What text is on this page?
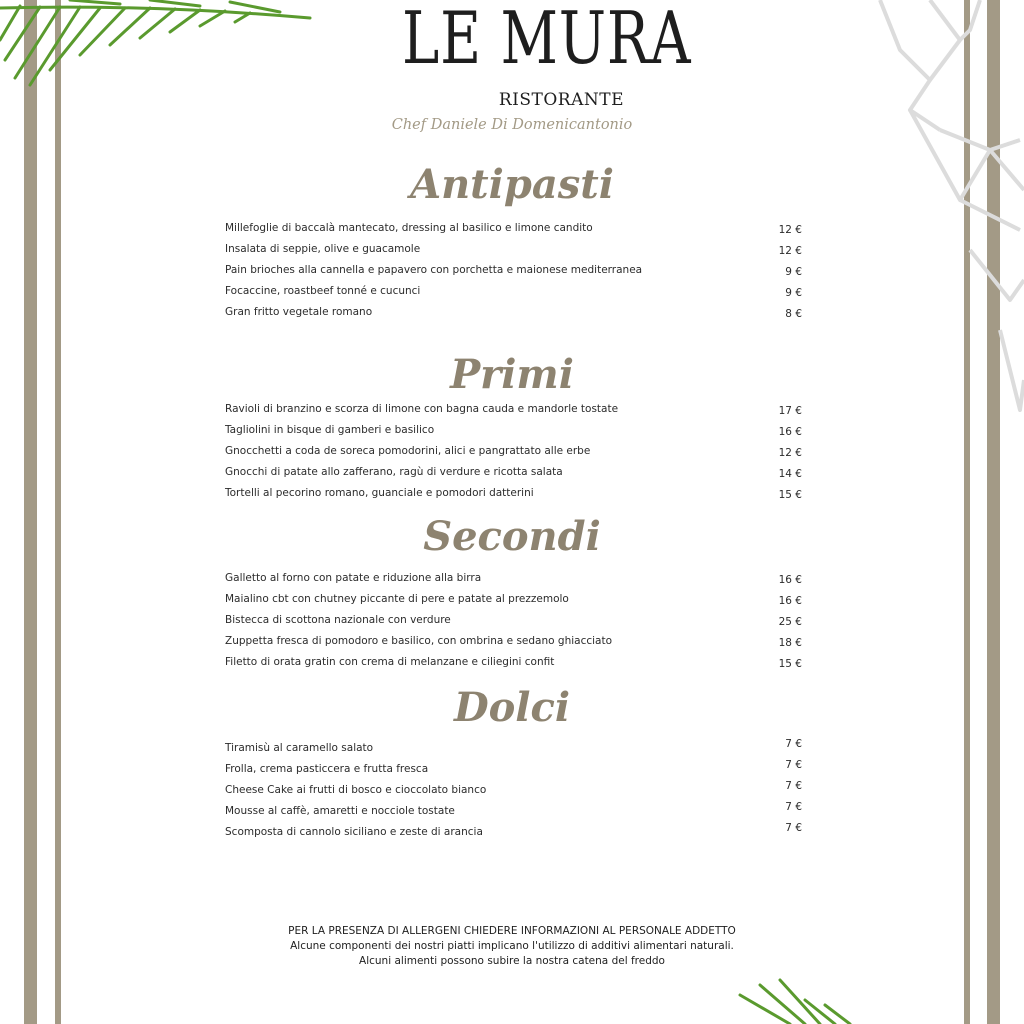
LE MURA
RISTORANTE
Chef Daniele Di Domenicantonio
Antipasti
Millefoglie di baccalà mantecato, dressing al basilico e limone candito	12 €
Insalata di seppie, olive e guacamole	12 €
Pain brioches alla cannella e papavero con porchetta e maionese mediterranea	9 €
Focaccine, roastbeef tonné e cucunci	9 €
Gran fritto vegetale romano	8 €
Primi
Ravioli di branzino e scorza di limone con bagna cauda e mandorle tostate	17 €
Tagliolini in bisque di gamberi e basilico	16 €
Gnocchetti a coda de soreca pomodorini, alici e pangrattato alle erbe	12 €
Gnocchi di patate allo zafferano, ragù di verdure e ricotta salata	14 €
Tortelli al pecorino romano, guanciale e pomodori datterini	15 €
Secondi
Galletto al forno con patate e riduzione alla birra	16 €
Maialino cbt con chutney piccante di pere e patate al prezzemolo	16 €
Bistecca di scottona nazionale con verdure	25 €
Zuppetta fresca di pomodoro e basilico, con ombrina e sedano ghiacciato	18 €
Filetto di orata gratin con crema di melanzane e ciliegini confit	15 €
Dolci
Tiramisù al caramello salato	7 €
Frolla, crema pasticcera e frutta fresca	7 €
Cheese Cake ai frutti di bosco e cioccolato bianco	7 €
Mousse al caffè, amaretti e nocciole tostate	7 €
Scomposta di cannolo siciliano e zeste di arancia	7 €
PER LA PRESENZA DI ALLERGENI CHIEDERE INFORMAZIONI AL PERSONALE ADDETTO
Alcune componenti dei nostri piatti implicano l'utilizzo di additivi alimentari naturali.
Alcuni alimenti possono subire la nostra catena del freddo
